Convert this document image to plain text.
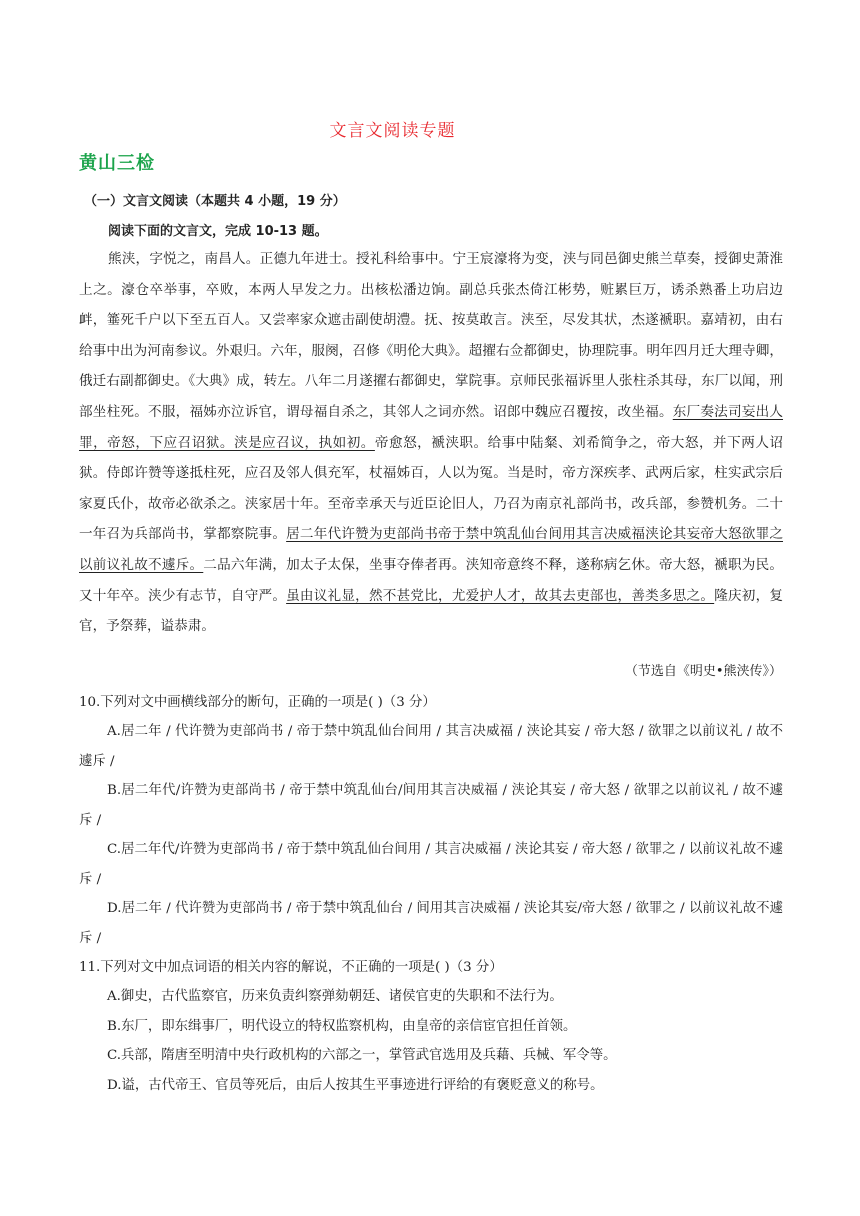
文言文阅读专题
黄山三检
（一）文言文阅读（本题共 4 小题，19 分）
阅读下面的文言文，完成 10-13 题。
熊浃，字悦之，南昌人。正德九年进士。授礼科给事中。宁王宸濠将为变，浃与同邑御史熊兰草奏，授御史萧淮上之。濠仓卒举事，卒败，本两人早发之力。出核松潘边饷。副总兵张杰倚江彬势，赃累巨万，诱杀熟番上功启边衅，箠死千户以下至五百人。又尝率家众遮击副使胡澧。抚、按莫敢言。浃至，尽发其状，杰遂褫职。嘉靖初，由右给事中出为河南参议。外艰归。六年，服阕，召修《明伦大典》。超擢右佥都御史，协理院事。明年四月迁大理寺卿，俄迁右副都御史。《大典》成，转左。八年二月遂擢右都御史，掌院事。京师民张福诉里人张柱杀其母，东厂以闻，刑部坐柱死。不服，福姊亦泣诉官，谓母福自杀之，其邻人之词亦然。诏郎中魏应召覆按，改坐福。东厂奏法司妄出人罪，帝怒，下应召诏狱。浃是应召议，执如初。帝愈怒，褫浃职。给事中陆粲、刘希简争之，帝大怒，并下两人诏狱。侍郎许赞等遂抵柱死，应召及邻人俱充军，杖福姊百，人以为冤。当是时，帝方深疾孝、武两后家，柱实武宗后家夏氏仆，故帝必欲杀之。浃家居十年。至帝幸承天与近臣论旧人，乃召为南京礼部尚书，改兵部，参赞机务。二十一年召为兵部尚书，掌都察院事。居二年代许赞为吏部尚书帝于禁中筑乱仙台间用其言决威福浃论其妄帝大怒欲罪之以前议礼故不遽斥。二品六年满，加太子太保，坐事夺俸者再。浃知帝意终不释，遂称病乞休。帝大怒，褫职为民。又十年卒。浃少有志节，自守严。虽由议礼显，然不甚党比，尤爱护人才，故其去吏部也，善类多思之。隆庆初，复官，予祭葬，谥恭肃。
（节选自《明史•熊浃传》）
10.下列对文中画横线部分的断句，正确的一项是( )（3 分）
A.居二年 / 代许赞为吏部尚书 / 帝于禁中筑乱仙台间用 / 其言决威福 / 浃论其妄 / 帝大怒 / 欲罪之以前议礼 / 故不遽斥 /
B.居二年代/许赞为吏部尚书 / 帝于禁中筑乱仙台/间用其言决威福 / 浃论其妄 / 帝大怒 / 欲罪之以前议礼 / 故不遽斥 /
C.居二年代/许赞为吏部尚书 / 帝于禁中筑乱仙台间用 / 其言决威福 / 浃论其妄 / 帝大怒 / 欲罪之 / 以前议礼故不遽斥 /
D.居二年 / 代许赞为吏部尚书 / 帝于禁中筑乱仙台 / 间用其言决威福 / 浃论其妄/帝大怒 / 欲罪之 / 以前议礼故不遽斥 /
11.下列对文中加点词语的相关内容的解说，不正确的一项是( )（3 分）
A.御史，古代监察官，历来负责纠察弹劾朝廷、诸侯官吏的失职和不法行为。
B.东厂，即东缉事厂，明代设立的特权监察机构，由皇帝的亲信宦官担任首领。
C.兵部，隋唐至明清中央行政机构的六部之一，掌管武官选用及兵藉、兵械、军令等。
D.谥，古代帝王、官员等死后，由后人按其生平事迹进行评给的有褒贬意义的称号。
